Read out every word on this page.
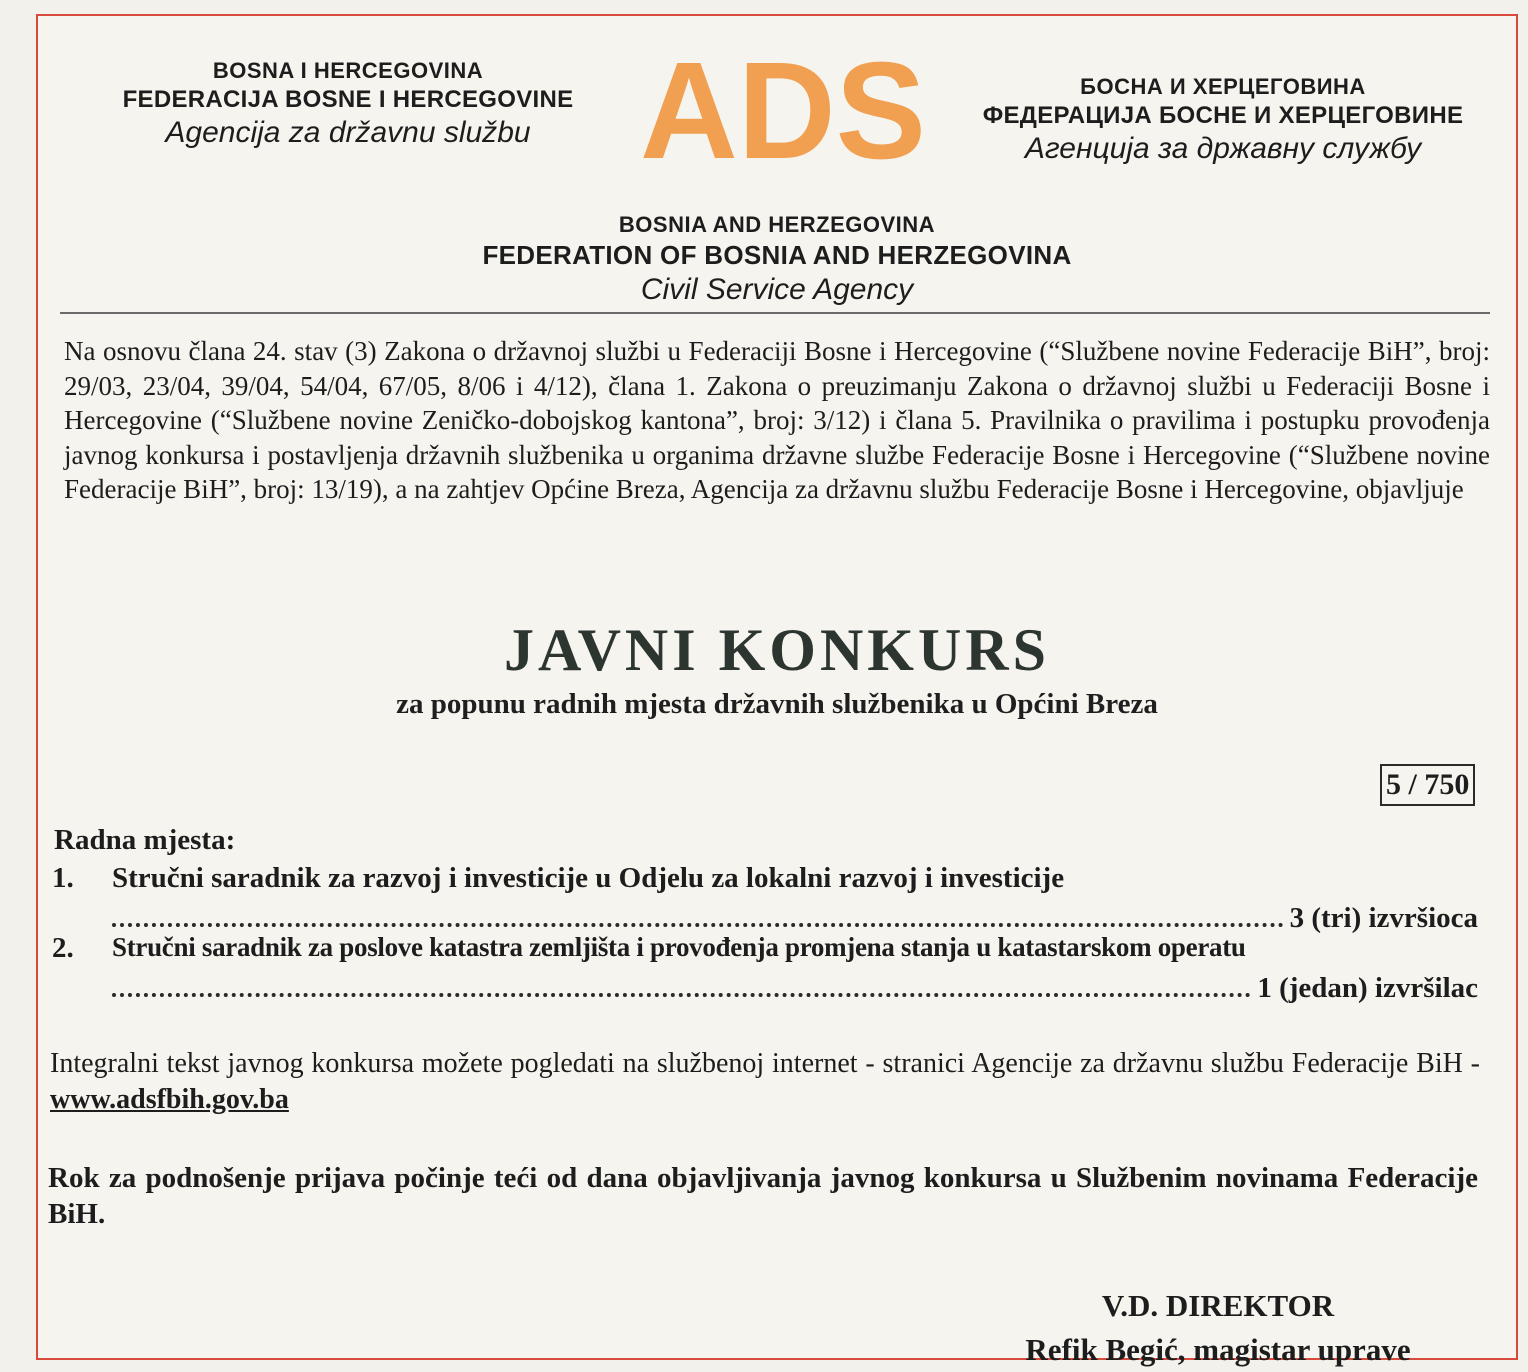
BOSNA I HERCEGOVINA
FEDERACIJA BOSNE I HERCEGOVINE
Agencija za državnu službu ADS	БОСНА И ХЕРЦЕГОВИНА
ФЕДЕРАЦИЈА БОСНЕ И ХЕРЦЕГОВИНЕ
Агенција за државну службу
BOSNIA AND HERZEGOVINA
FEDERATION OF BOSNIA AND HERZEGOVINA
Civil Service Agency
Na osnovu člana 24. stav (3) Zakona o državnoj službi u Federaciji Bosne i Hercegovine (“Službene novine Federacije BiH”, broj: 29/03, 23/04, 39/04, 54/04, 67/05, 8/06 i 4/12), člana 1. Zakona o preuzimanju Zakona o državnoj službi u Federaciji Bosne i Hercegovine (“Službene novine Zeničko-dobojskog kantona”, broj: 3/12) i člana 5. Pravilnika o pravilima i postupku provođenja javnog konkursa i postavljenja državnih službenika u organima državne službe Federacije Bosne i Hercegovine (“Službene novine Federacije BiH”, broj: 13/19), a na zahtjev Općine Breza, Agencija za državnu službu Federacije Bosne i Hercegovine, objavljuje
JAVNI KONKURS
za popunu radnih mjesta državnih službenika u Općini Breza
5 / 750
Radna mjesta:
1. Stručni saradnik za razvoj i investicije u Odjelu za lokalni razvoj i investicije
3 (tri) izvršioca
2. Stručni saradnik za poslove katastra zemljišta i provođenja promjena stanja u katastarskom operatu
1 (jedan) izvršilac
Integralni tekst javnog konkursa možete pogledati na službenoj internet - stranici Agencije za državnu službu Federacije BiH - www.adsfbih.gov.ba
Rok za podnošenje prijava počinje teći od dana objavljivanja javnog konkursa u Službenim novinama Federacije BiH.
V.D. DIREKTOR
Refik Begić, magistar uprave
